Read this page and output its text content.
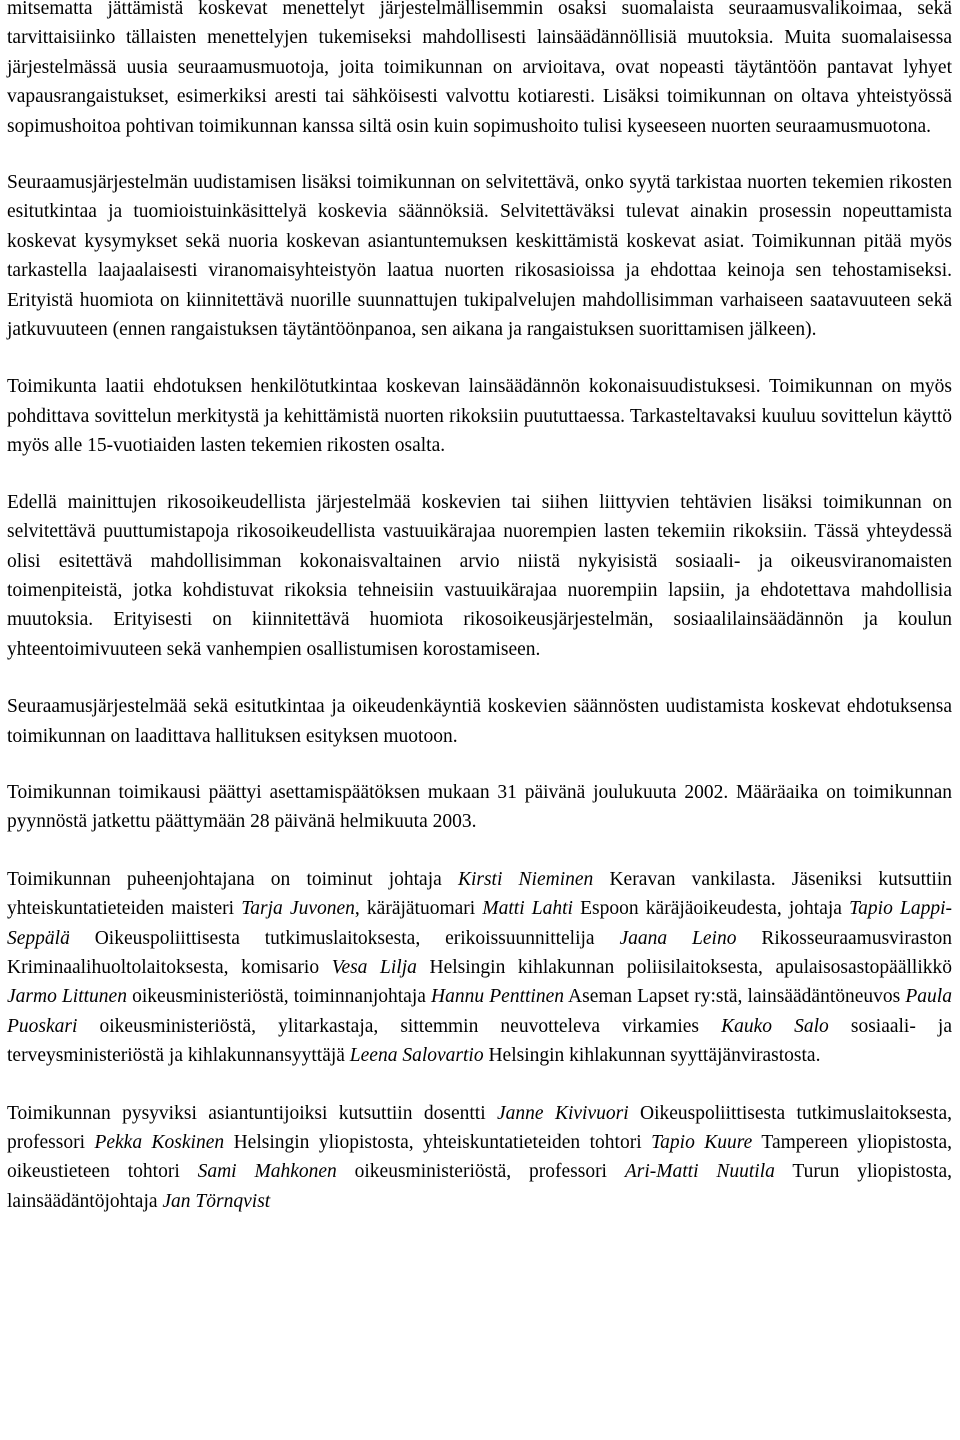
mitsematta jättämistä koskevat menettelyt järjestelmällisemmin osaksi suomalaista seuraamusvalikoimaa, sekä tarvittaisiinko tällaisten menettelyjen tukemiseksi mahdollisesti lainsäädännöllisiä muutoksia. Muita suomalaisessa järjestelmässä uusia seuraamusmuotoja, joita toimikunnan on arvioitava, ovat nopeasti täytäntöön pantavat lyhyet vapausrangaistukset, esimerkiksi aresti tai sähköisesti valvottu kotiaresti. Lisäksi toimikunnan on oltava yhteistyössä sopimushoitoa pohtivan toimikunnan kanssa siltä osin kuin sopimushoito tulisi kyseeseen nuorten seuraamusmuotona.

Seuraamusjärjestelmän uudistamisen lisäksi toimikunnan on selvitettävä, onko syytä tarkistaa nuorten tekemien rikosten esitutkintaa ja tuomioistuinkäsittelyä koskevia säännöksiä. Selvitettäväksi tulevat ainakin prosessin nopeuttamista koskevat kysymykset sekä nuoria koskevan asiantuntemuksen keskittämistä koskevat asiat. Toimikunnan pitää myös tarkastella laajaalaisesti viranomaisyhteistyön laatua nuorten rikosasioissa ja ehdottaa keinoja sen tehostamiseksi. Erityistä huomiota on kiinnitettävä nuorille suunnattujen tukipalvelujen mahdollisimman varhaiseen saatavuuteen sekä jatkuvuuteen (ennen rangaistuksen täytäntöönpanoa, sen aikana ja rangaistuksen suorittamisen jälkeen).

Toimikunta laatii ehdotuksen henkilötutkintaa koskevan lainsäädännön kokonaisuudistuksesi. Toimikunnan on myös pohdittava sovittelun merkitystä ja kehittämistä nuorten rikoksiin puututtaessa. Tarkasteltavaksi kuuluu sovittelun käyttö myös alle 15-vuotiaiden lasten tekemien rikosten osalta.

Edellä mainittujen rikosoikeudellista järjestelmää koskevien tai siihen liittyvien tehtävien lisäksi toimikunnan on selvitettävä puuttumistapoja rikosoikeudellista vastuuikärajaa nuorempien lasten tekemiin rikoksiin. Tässä yhteydessä olisi esitettävä mahdollisimman kokonaisvaltainen arvio niistä nykyisistä sosiaali- ja oikeusviranomaisten toimenpiteistä, jotka kohdistuvat rikoksia tehneisiin vastuuikärajaa nuorempiin lapsiin, ja ehdotettava mahdollisia muutoksia. Erityisesti on kiinnitettävä huomiota rikosoikeusjärjestelmän, sosiaalilainsäädännön ja koulun yhteentoimivuuteen sekä vanhempien osallistumisen korostamiseen.

Seuraamusjärjestelmää sekä esitutkintaa ja oikeudenkäyntiä koskevien säännösten uudistamista koskevat ehdotuksensa toimikunnan on laadittava hallituksen esityksen muotoon.

Toimikunnan toimikausi päättyi asettamispäätöksen mukaan 31 päivänä joulukuuta 2002. Määräaika on toimikunnan pyynnöstä jatkettu päättymään 28 päivänä helmikuuta 2003.

Toimikunnan puheenjohtajana on toiminut johtaja Kirsti Nieminen Keravan vankilasta. Jäseniksi kutsuttiin yhteiskuntatieteiden maisteri Tarja Juvonen, käräjätuomari Matti Lahti Espoon käräjäoikeudesta, johtaja Tapio Lappi-Seppälä Oikeuspoliittisesta tutkimuslaitoksesta, erikoissuunnittelija Jaana Leino Rikosseuraamusviraston Kriminaalihuoltolaitoksesta, komisario Vesa Lilja Helsingin kihlakunnan poliisilaitoksesta, apulaisosastopäällikkö Jarmo Littunen oikeusministeriöstä, toiminnanjohtaja Hannu Penttinen Aseman Lapset ry:stä, lainsäädäntöneuvos Paula Puoskari oikeusministeriöstä, ylitarkastaja, sittemmin neuvotteleva virkamies Kauko Salo sosiaali- ja terveysministeriöstä ja kihlakunnansyyttäjä Leena Salovartio Helsingin kihlakunnan syyttäjänvirastosta.

Toimikunnan pysyviksi asiantuntijoiksi kutsuttiin dosentti Janne Kivivuori Oikeuspoliittisesta tutkimuslaitoksesta, professori Pekka Koskinen Helsingin yliopistosta, yhteiskuntatieteiden tohtori Tapio Kuure Tampereen yliopistosta, oikeustieteen tohtori Sami Mahkonen oikeusministeriöstä, professori Ari-Matti Nuutila Turun yliopistosta, lainsäädäntöjohtaja Jan Törnqvist
